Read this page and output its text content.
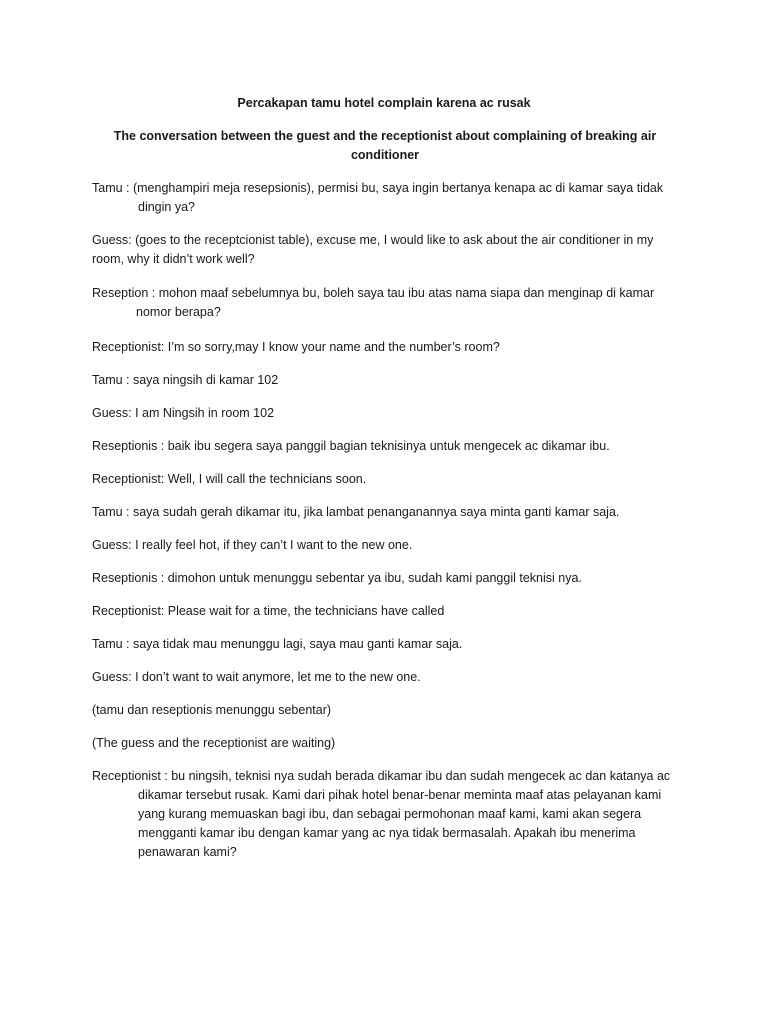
Percakapan tamu hotel complain karena ac rusak

The conversation between the guest and the receptionist about complaining of breaking air
conditioner

Tamu : (menghampiri meja resepsionis), permisi bu, saya ingin bertanya kenapa ac di kamar saya tidak
dingin ya?
Guess: (goes to the receptcionist table), excuse me, I would like to ask about the air conditioner in my
room, why it didn’t work well?
Reseption : mohon maaf sebelumnya bu, boleh saya tau ibu atas nama siapa dan menginap di kamar
nomor berapa?
Receptionist: I’m so sorry,may I know your name and the number’s room?
Tamu : saya ningsih di kamar 102
Guess: I am Ningsih in room 102
Reseptionis : baik ibu segera saya panggil bagian teknisinya untuk mengecek ac dikamar ibu.
Receptionist: Well, I will call the technicians soon.
Tamu : saya sudah gerah dikamar itu, jika lambat penanganannya saya minta ganti kamar saja.
Guess: I really feel hot, if they can’t I want to the new one.
Reseptionis : dimohon untuk menunggu sebentar ya ibu, sudah kami panggil teknisi nya.
Receptionist: Please wait for a time, the technicians have called
Tamu : saya tidak mau menunggu lagi, saya mau ganti kamar saja.
Guess: I don’t want to wait anymore, let me to the new one.
(tamu dan reseptionis menunggu sebentar)
(The guess and the receptionist are waiting)
Receptionist : bu ningsih, teknisi nya sudah berada dikamar ibu dan sudah mengecek ac dan katanya ac
dikamar tersebut rusak. Kami dari pihak hotel benar-benar meminta maaf atas pelayanan kami
yang kurang memuaskan bagi ibu, dan sebagai permohonan maaf kami, kami akan segera
mengganti kamar ibu dengan kamar yang ac nya tidak bermasalah. Apakah ibu menerima
penawaran kami?
